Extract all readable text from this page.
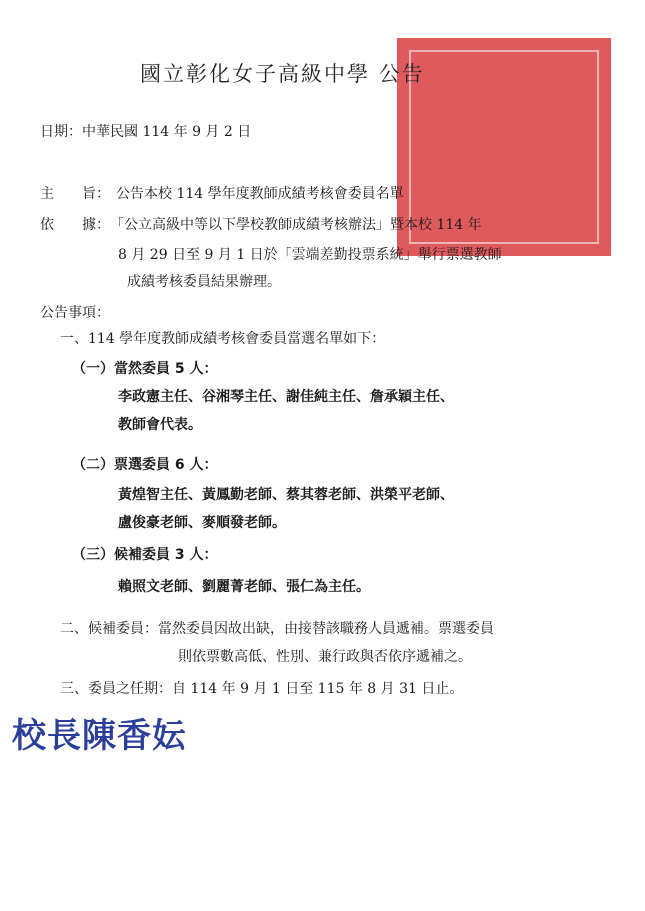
國立彰化女子高級中學 公告
日期：中華民國 114 年 9 月 2 日
主　　旨： 公告本校 114 學年度教師成績考核會委員名單
依　　據： 「公立高級中等以下學校教師成績考核辦法」暨本校 114 年
8 月 29 日至 9 月 1 日於「雲端差勤投票系統」舉行票選教師
成績考核委員結果辦理。
公告事項：
一、114 學年度教師成績考核會委員當選名單如下：
（一）當然委員 5 人：
李政憲主任、谷湘琴主任、謝佳純主任、詹承穎主任、
教師會代表。
（二）票選委員 6 人：
黃煌智主任、黃鳳勤老師、蔡其蓉老師、洪榮平老師、
盧俊豪老師、麥順發老師。
（三）候補委員 3 人：
賴照文老師、劉麗菁老師、張仁為主任。
二、候補委員：當然委員因故出缺，由接替該職務人員遞補。票選委員
則依票數高低、性別、兼行政與否依序遞補之。
三、委員之任期：自 114 年 9 月 1 日至 115 年 8 月 31 日止。
校長陳香妘
